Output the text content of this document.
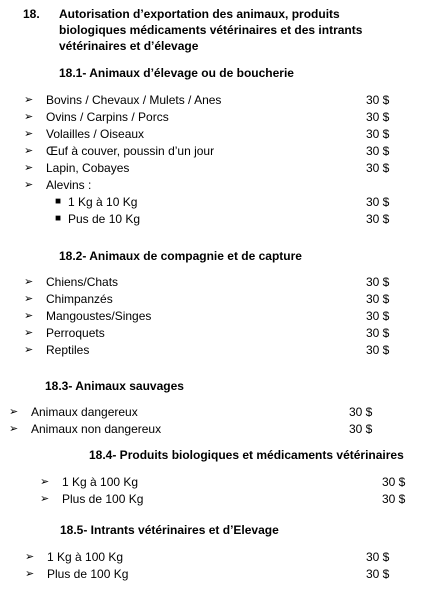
18. Autorisation d’exportation des animaux, produits
biologiques médicaments vétérinaires et des intrants
vétérinaires et d’élevage
18.1- Animaux d’élevage ou de boucherie
➢ Bovins / Chevaux / Mulets / Anes	30 $
➢ Ovins / Carpins / Porcs	30 $
➢ Volailles / Oiseaux	30 $
➢ Œuf à couver, poussin d’un jour	30 $
➢ Lapin, Cobayes	30 $
➢ Alevins :
■ 1 Kg à 10 Kg	30 $
■ Pus de 10 Kg	30 $
18.2- Animaux de compagnie et de capture
➢ Chiens/Chats	30 $
➢ Chimpanzés	30 $
➢ Mangoustes/Singes	30 $
➢ Perroquets	30 $
➢ Reptiles	30 $
18.3- Animaux sauvages
➢ Animaux dangereux	30 $
➢ Animaux non dangereux	30 $
18.4- Produits biologiques et médicaments vétérinaires
➢ 1 Kg à 100 Kg	30 $
➢ Plus de 100 Kg	30 $
18.5- Intrants vétérinaires et d’Elevage
➢ 1 Kg à 100 Kg	30 $
➢ Plus de 100 Kg	30 $
